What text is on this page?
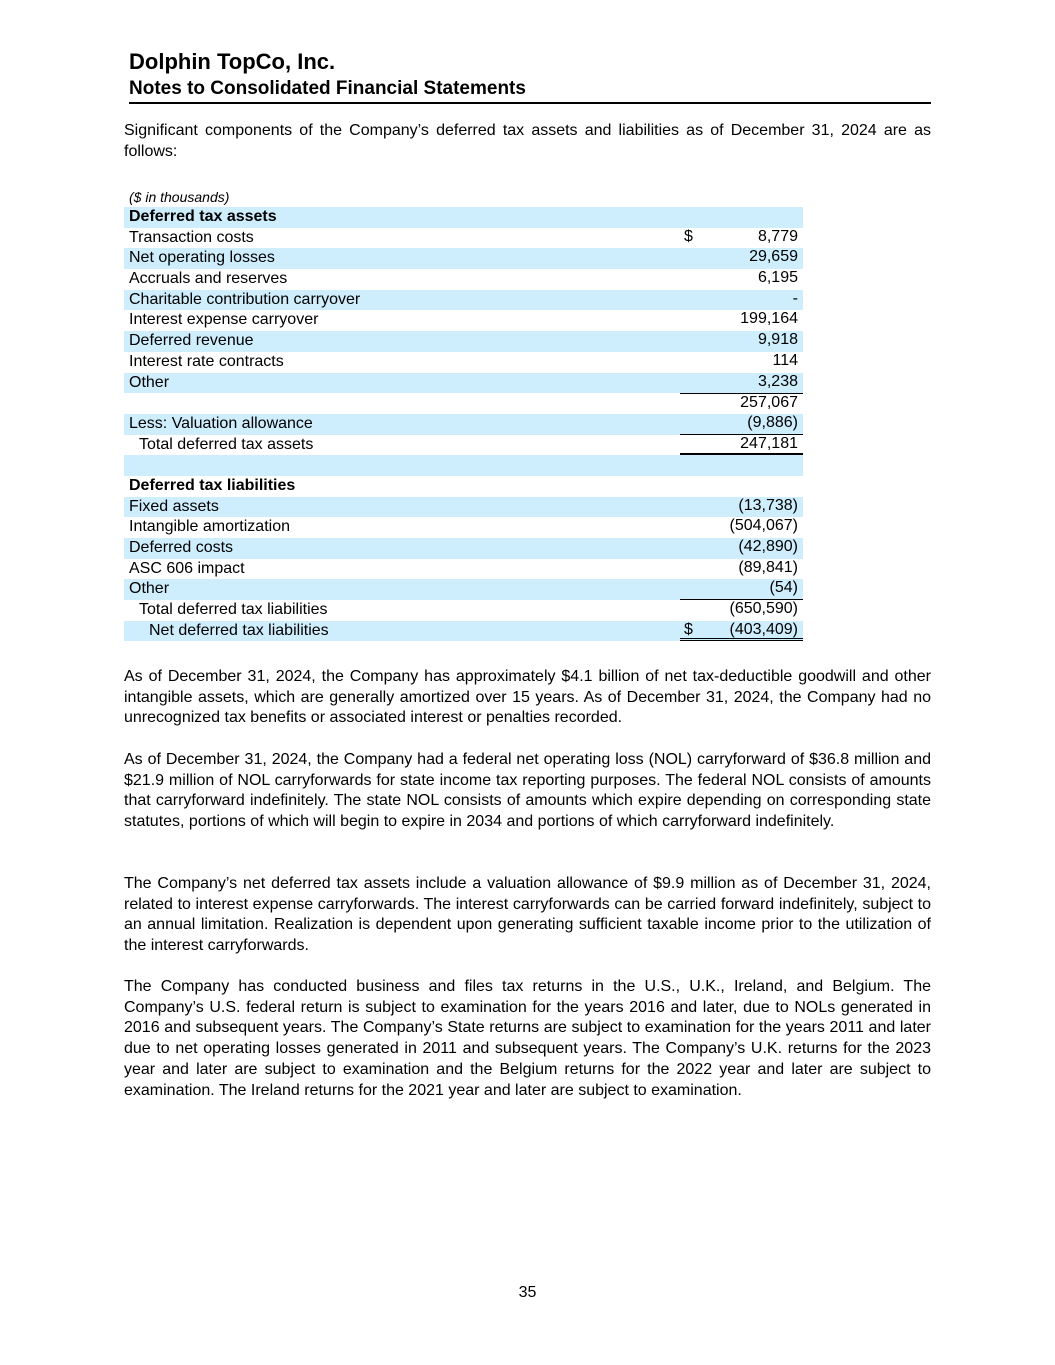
Dolphin TopCo, Inc.
Notes to Consolidated Financial Statements
Significant components of the Company’s deferred tax assets and liabilities as of December 31, 2024 are as follows:
($ in thousands)
Deferred tax assets
Transaction costs	$	8,779
Net operating losses	29,659
Accruals and reserves	6,195
Charitable contribution carryover	-
Interest expense carryover	199,164
Deferred revenue	9,918
Interest rate contracts	114
Other	3,238
257,067
Less: Valuation allowance	(9,886)
Total deferred tax assets	247,181
Deferred tax liabilities
Fixed assets	(13,738)
Intangible amortization	(504,067)
Deferred costs	(42,890)
ASC 606 impact	(89,841)
Other	(54)
Total deferred tax liabilities	(650,590)
Net deferred tax liabilities	$ (403,409)
As of December 31, 2024, the Company has approximately $4.1 billion of net tax-deductible goodwill and other intangible assets, which are generally amortized over 15 years. As of December 31, 2024, the Company had no unrecognized tax benefits or associated interest or penalties recorded.
As of December 31, 2024, the Company had a federal net operating loss (NOL) carryforward of $36.8 million and $21.9 million of NOL carryforwards for state income tax reporting purposes. The federal NOL consists of amounts that carryforward indefinitely. The state NOL consists of amounts which expire depending on corresponding state statutes, portions of which will begin to expire in 2034 and portions of which carryforward indefinitely.
The Company’s net deferred tax assets include a valuation allowance of $9.9 million as of December 31, 2024, related to interest expense carryforwards. The interest carryforwards can be carried forward indefinitely, subject to an annual limitation. Realization is dependent upon generating sufficient taxable income prior to the utilization of the interest carryforwards.
The Company has conducted business and files tax returns in the U.S., U.K., Ireland, and Belgium. The Company’s U.S. federal return is subject to examination for the years 2016 and later, due to NOLs generated in 2016 and subsequent years. The Company’s State returns are subject to examination for the years 2011 and later due to net operating losses generated in 2011 and subsequent years. The Company’s U.K. returns for the 2023 year and later are subject to examination and the Belgium returns for the 2022 year and later are subject to examination. The Ireland returns for the 2021 year and later are subject to examination.
35
